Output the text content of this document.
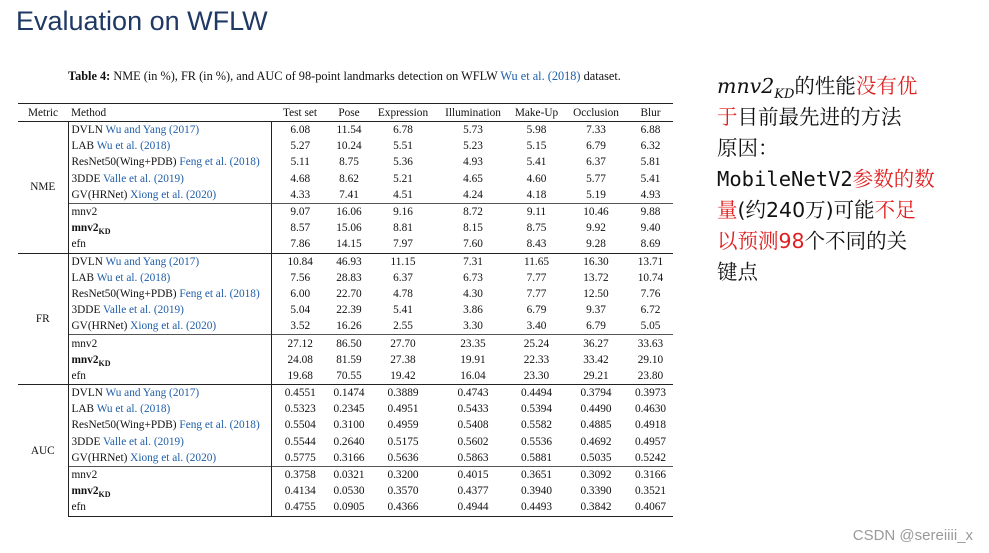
Evaluation on WFLW
Table 4: NME (in %), FR (in %), and AUC of 98-point landmarks detection on WFLW Wu et al. (2018) dataset.
Metric	Method	Test set	Pose	Expression	Illumination	Make-Up	Occlusion	Blur
NME	DVLN Wu and Yang (2017)	6.08	11.54	6.78	5.73	5.98	7.33	6.88
	LAB Wu et al. (2018)	5.27	10.24	5.51	5.23	5.15	6.79	6.32
	ResNet50(Wing+PDB) Feng et al. (2018)	5.11	8.75	5.36	4.93	5.41	6.37	5.81
	3DDE Valle et al. (2019)	4.68	8.62	5.21	4.65	4.60	5.77	5.41
	GV(HRNet) Xiong et al. (2020)	4.33	7.41	4.51	4.24	4.18	5.19	4.93
	mnv2	9.07	16.06	9.16	8.72	9.11	10.46	9.88
	$mnv2_{KD}$	8.57	15.06	8.81	8.15	8.75	9.92	9.40
	efn	7.86	14.15	7.97	7.60	8.43	9.28	8.69
FR	DVLN Wu and Yang (2017)	10.84	46.93	11.15	7.31	11.65	16.30	13.71
	LAB Wu et al. (2018)	7.56	28.83	6.37	6.73	7.77	13.72	10.74
	ResNet50(Wing+PDB) Feng et al. (2018)	6.00	22.70	4.78	4.30	7.77	12.50	7.76
	3DDE Valle et al. (2019)	5.04	22.39	5.41	3.86	6.79	9.37	6.72
	GV(HRNet) Xiong et al. (2020)	3.52	16.26	2.55	3.30	3.40	6.79	5.05
	mnv2	27.12	86.50	27.70	23.35	25.24	36.27	33.63
	$mnv2_{KD}$	24.08	81.59	27.38	19.91	22.33	33.42	29.10
	efn	19.68	70.55	19.42	16.04	23.30	29.21	23.80
AUC	DVLN Wu and Yang (2017)	0.4551	0.1474	0.3889	0.4743	0.4494	0.3794	0.3973
	LAB Wu et al. (2018)	0.5323	0.2345	0.4951	0.5433	0.5394	0.4490	0.4630
	ResNet50(Wing+PDB) Feng et al. (2018)	0.5504	0.3100	0.4959	0.5408	0.5582	0.4885	0.4918
	3DDE Valle et al. (2019)	0.5544	0.2640	0.5175	0.5602	0.5536	0.4692	0.4957
	GV(HRNet) Xiong et al. (2020)	0.5775	0.3166	0.5636	0.5863	0.5881	0.5035	0.5242
	mnv2	0.3758	0.0321	0.3200	0.4015	0.3651	0.3092	0.3166
	$mnv2_{KD}$	0.4134	0.0530	0.3570	0.4377	0.3940	0.3390	0.3521
	efn	0.4755	0.0905	0.4366	0.4944	0.4493	0.3842	0.4067
$mnv2_{KD}$的性能没有优
于目前最先进的方法
原因：
MobileNetV2参数的数
量(约240万)可能不足
以预测98个不同的关
键点
CSDN @sereiiii_x
